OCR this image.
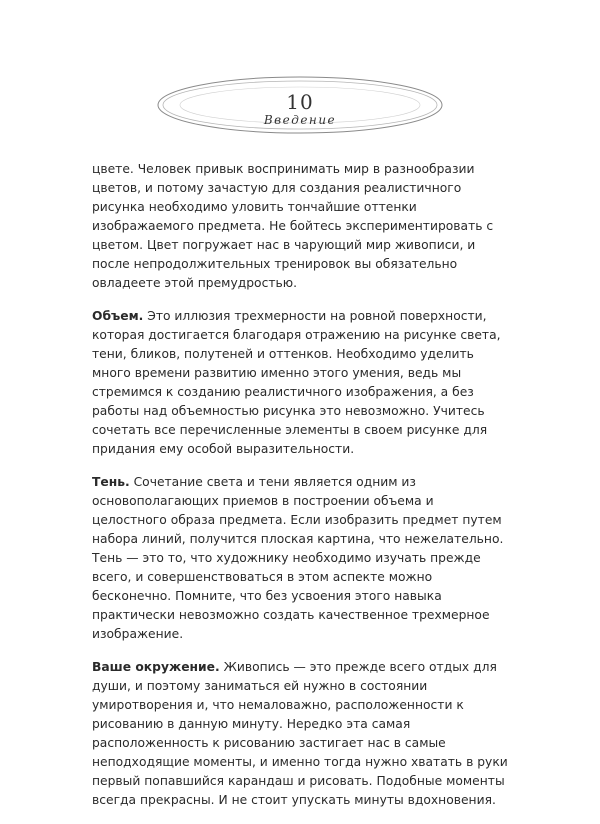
10
Введение

цвете. Человек привык воспринимать мир в разнообразии цветов, и потому зачастую для создания реалистичного рисунка необходимо уловить тончайшие оттенки изображаемого предмета. Не бойтесь экспериментировать с цветом. Цвет погружает нас в чарующий мир живописи, и после непродолжительных тренировок вы обязательно овладеете этой премудростью.

Объем. Это иллюзия трехмерности на ровной поверхности, которая достигается благодаря отражению на рисунке света, тени, бликов, полутеней и оттенков. Необходимо уделить много времени развитию именно этого умения, ведь мы стремимся к созданию реалистичного изображения, а без работы над объемностью рисунка это невозможно. Учитесь сочетать все перечисленные элементы в своем рисунке для придания ему особой выразительности.

Тень. Сочетание света и тени является одним из основополагающих приемов в построении объема и целостного образа предмета. Если изобразить предмет путем набора линий, получится плоская картина, что нежелательно. Тень — это то, что художнику необходимо изучать прежде всего, и совершенствоваться в этом аспекте можно бесконечно. Помните, что без усвоения этого навыка практически невозможно создать качественное трехмерное изображение.

Ваше окружение. Живопись — это прежде всего отдых для души, и поэтому заниматься ей нужно в состоянии умиротворения и, что немаловажно, расположенности к рисованию в данную минуту. Нередко эта самая расположенность к рисованию застигает нас в самые неподходящие моменты, и именно тогда нужно хватать в руки первый попавшийся карандаш и рисовать. Подобные моменты всегда прекрасны. И не стоит упускать минуты вдохновения.
